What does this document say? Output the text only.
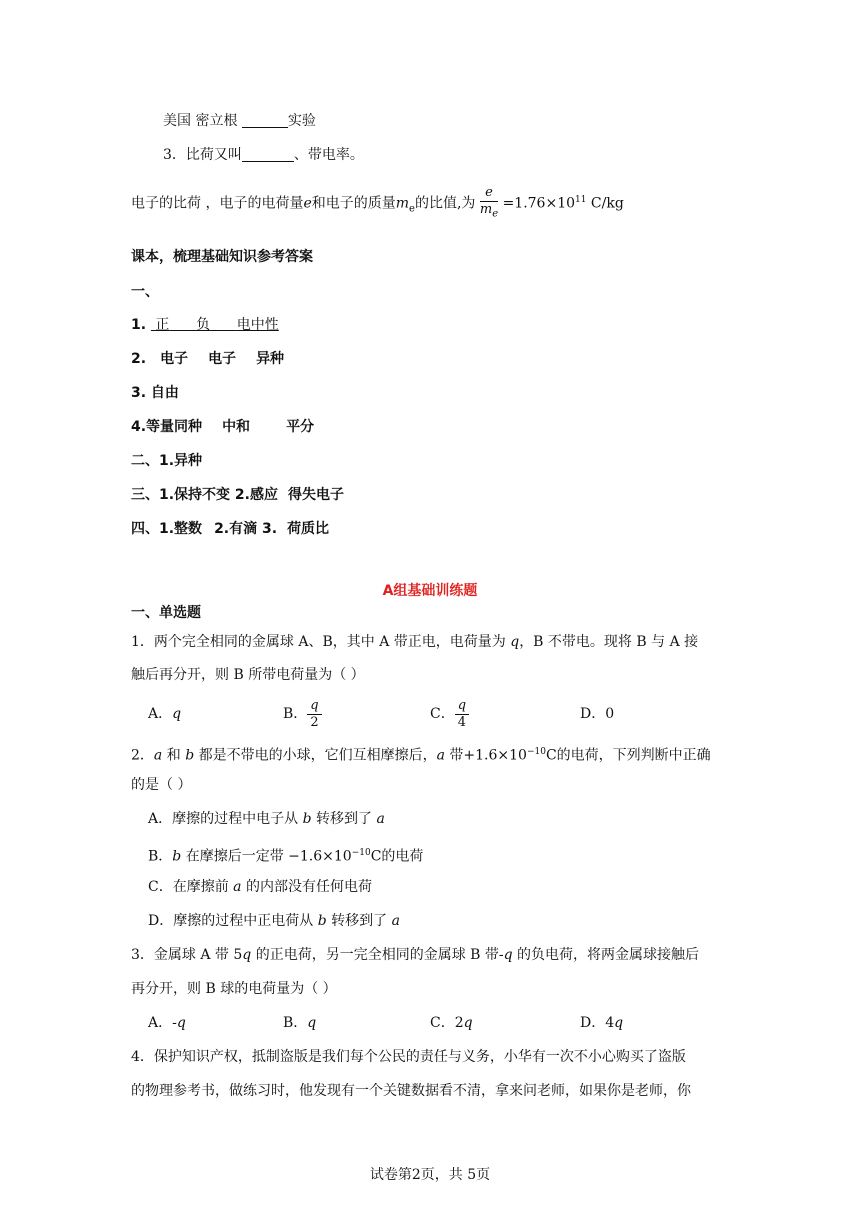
美国 密立根	实验
3．比荷又叫	、带电率。
电子的比荷 ，电子的电荷量e和电子的质量$m_e$的比值,为 $\frac{e}{m_e} =1.76\times 10^{11}$ C/kg
课本，梳理基础知识参考答案
一、
1. 正 负 电中性
2. 电子 电子 异种
3. 自由
4.等量同种 中和	平分
二、1.异种
三、1.保持不变 2.感应 得失电子
四、1.整数 2.有滴 3. 荷质比
A组基础训练题
一、单选题
1．两个完全相同的金属球 A、B，其中 A 带正电，电荷量为 q，B 不带电。现将 B 与 A 接
触后再分开，则 B 所带电荷量为（ ）
A．q	B． $\frac{q}{2}$	C． $\frac{q}{4}$	D．0
2．a 和 b 都是不带电的小球，它们互相摩擦后，a 带$+1.6\times 10^{-10}C$的电荷，下列判断中正确
的是（ ）
A．摩擦的过程中电子从 b 转移到了 a
B．b 在摩擦后一定带 $-1.6\times 10^{-10}C$的电荷
C．在摩擦前 a 的内部没有任何电荷
D．摩擦的过程中正电荷从 b 转移到了 a
3．金属球 A 带 5q 的正电荷，另一完全相同的金属球 B 带-q 的负电荷，将两金属球接触后
再分开，则 B 球的电荷量为（ ）
A．-q	B．q	C．2q	D．4q
4．保护知识产权，抵制盗版是我们每个公民的责任与义务，小华有一次不小心购买了盗版
的物理参考书，做练习时，他发现有一个关键数据看不清，拿来问老师，如果你是老师，你
试卷第2页，共 5页
